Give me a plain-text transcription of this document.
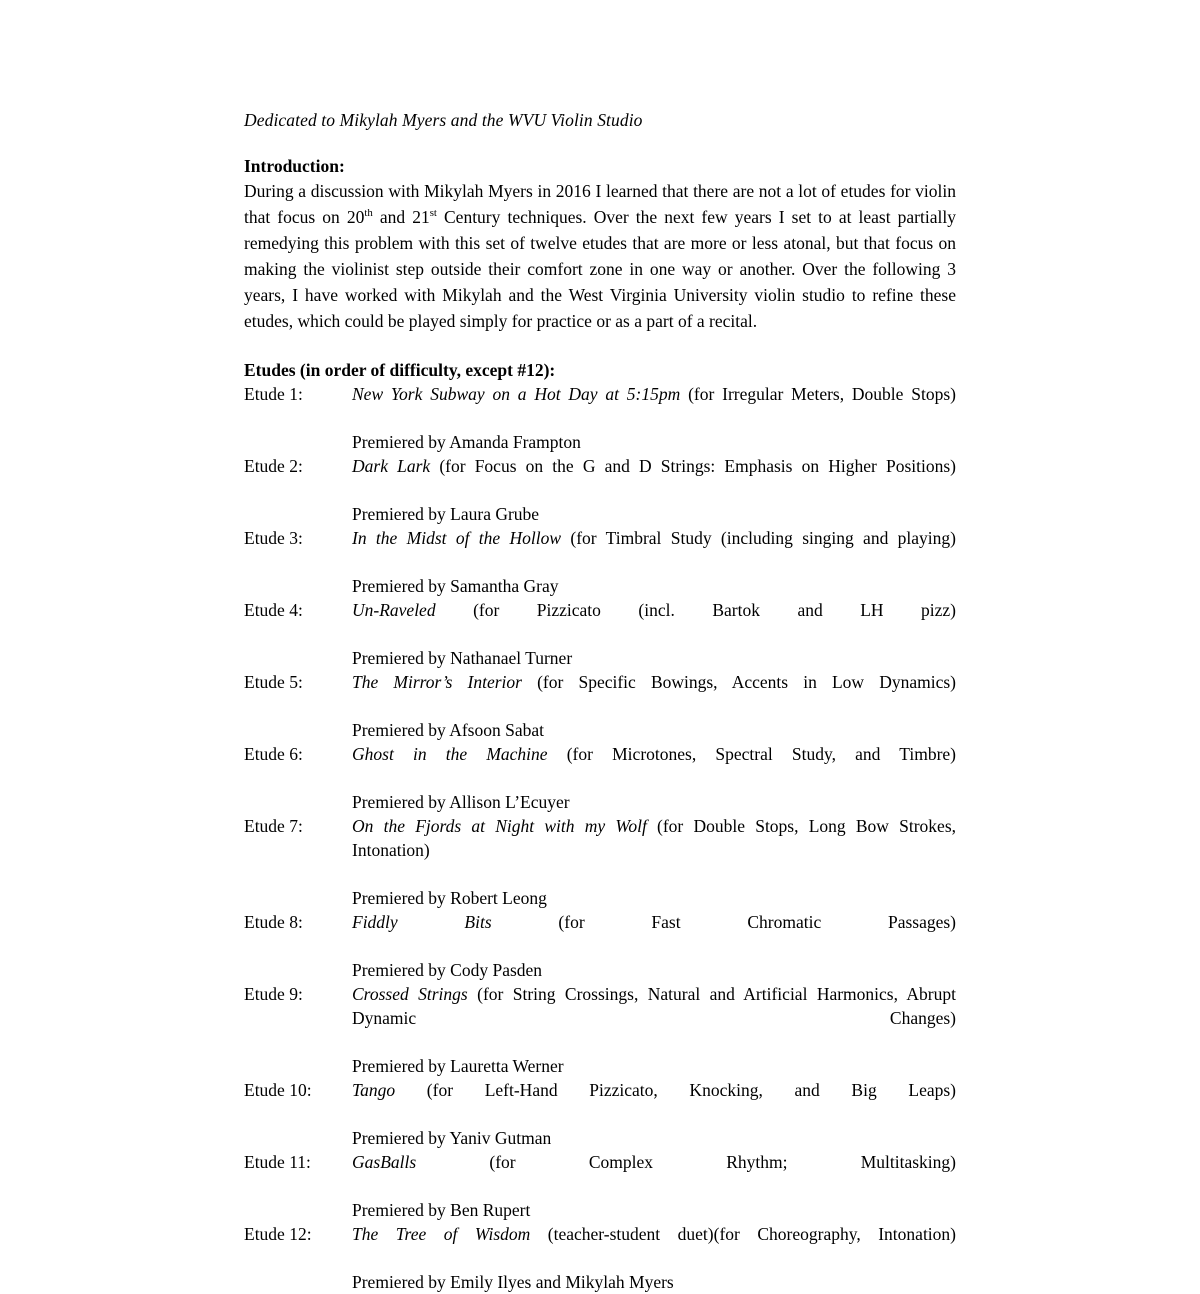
Dedicated to Mikylah Myers and the WVU Violin Studio

Introduction:

During a discussion with Mikylah Myers in 2016 I learned that there are not a lot of etudes for violin that focus on 20th and 21st Century techniques. Over the next few years I set to at least partially remedying this problem with this set of twelve etudes that are more or less atonal, but that focus on making the violinist step outside their comfort zone in one way or another. Over the following 3 years, I have worked with Mikylah and the West Virginia University violin studio to refine these etudes, which could be played simply for practice or as a part of a recital.

Etudes (in order of difficulty, except #12):
Etude 1:	New York Subway on a Hot Day at 5:15pm (for Irregular Meters, Double Stops)
Premiered by Amanda Frampton
Etude 2:	Dark Lark (for Focus on the G and D Strings: Emphasis on Higher Positions)
Premiered by Laura Grube
Etude 3:	In the Midst of the Hollow (for Timbral Study (including singing and playing)
Premiered by Samantha Gray
Etude 4:	Un-Raveled (for Pizzicato (incl. Bartok and LH pizz)
Premiered by Nathanael Turner
Etude 5:	The Mirror’s Interior (for Specific Bowings, Accents in Low Dynamics)
Premiered by Afsoon Sabat
Etude 6:	Ghost in the Machine (for Microtones, Spectral Study, and Timbre)
Premiered by Allison L’Ecuyer
Etude 7:	On the Fjords at Night with my Wolf (for Double Stops, Long Bow Strokes, Intonation)
Premiered by Robert Leong
Etude 8:	Fiddly Bits (for Fast Chromatic Passages)
Premiered by Cody Pasden
Etude 9:	Crossed Strings (for String Crossings, Natural and Artificial Harmonics, Abrupt Dynamic Changes)
Premiered by Lauretta Werner
Etude 10:	Tango (for Left-Hand Pizzicato, Knocking, and Big Leaps)
Premiered by Yaniv Gutman
Etude 11:	GasBalls (for Complex Rhythm; Multitasking)
Premiered by Ben Rupert
Etude 12:	The Tree of Wisdom (teacher-student duet)(for Choreography, Intonation)
Premiered by Emily Ilyes and Mikylah Myers
